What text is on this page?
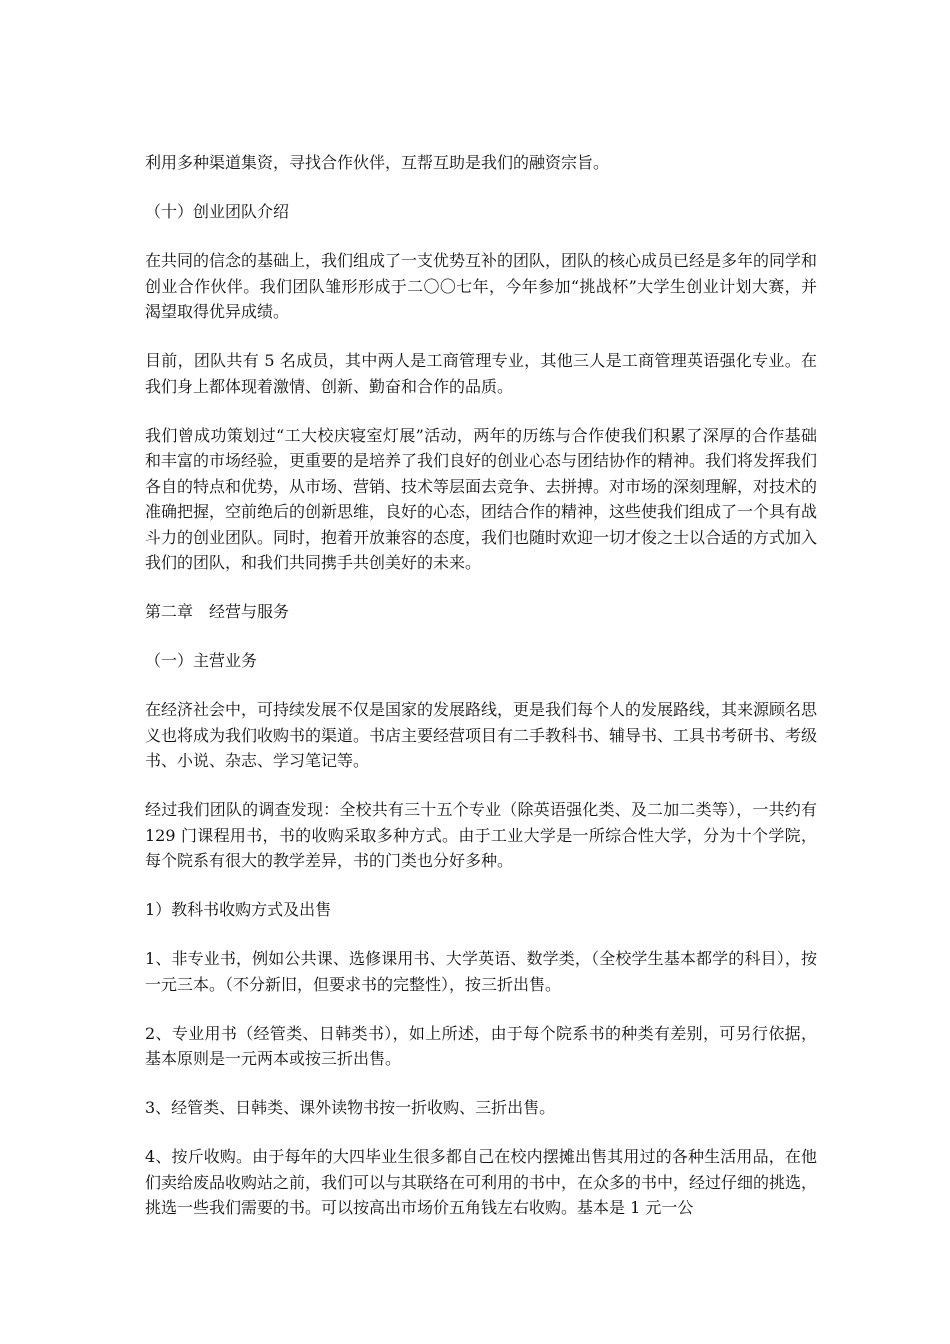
利用多种渠道集资，寻找合作伙伴，互帮互助是我们的融资宗旨。

（十）创业团队介绍

在共同的信念的基础上，我们组成了一支优势互补的团队，团队的核心成员已经是多年的同学和创业合作伙伴。我们团队雏形形成于二〇〇七年，今年参加“挑战杯”大学生创业计划大赛，并渴望取得优异成绩。

目前，团队共有 5 名成员，其中两人是工商管理专业，其他三人是工商管理英语强化专业。在我们身上都体现着激情、创新、勤奋和合作的品质。

我们曾成功策划过“工大校庆寝室灯展”活动，两年的历练与合作使我们积累了深厚的合作基础和丰富的市场经验，更重要的是培养了我们良好的创业心态与团结协作的精神。我们将发挥我们各自的特点和优势，从市场、营销、技术等层面去竞争、去拼搏。对市场的深刻理解，对技术的准确把握，空前绝后的创新思维，良好的心态，团结合作的精神，这些使我们组成了一个具有战斗力的创业团队。同时，抱着开放兼容的态度，我们也随时欢迎一切才俊之士以合适的方式加入我们的团队，和我们共同携手共创美好的未来。

第二章　经营与服务

（一）主营业务

在经济社会中，可持续发展不仅是国家的发展路线，更是我们每个人的发展路线，其来源顾名思义也将成为我们收购书的渠道。书店主要经营项目有二手教科书、辅导书、工具书考研书、考级书、小说、杂志、学习笔记等。

经过我们团队的调查发现：全校共有三十五个专业（除英语强化类、及二加二类等），一共约有 129 门课程用书，书的收购采取多种方式。由于工业大学是一所综合性大学，分为十个学院，每个院系有很大的教学差异，书的门类也分好多种。

1）教科书收购方式及出售

1、非专业书，例如公共课、选修课用书、大学英语、数学类，（全校学生基本都学的科目），按一元三本。（不分新旧，但要求书的完整性），按三折出售。

2、专业用书（经管类、日韩类书），如上所述，由于每个院系书的种类有差别，可另行依据，基本原则是一元两本或按三折出售。

3、经管类、日韩类、课外读物书按一折收购、三折出售。

4、按斤收购。由于每年的大四毕业生很多都自己在校内摆摊出售其用过的各种生活用品，在他们卖给废品收购站之前，我们可以与其联络在可利用的书中，在众多的书中，经过仔细的挑选，挑选一些我们需要的书。可以按高出市场价五角钱左右收购。基本是 1 元一公
